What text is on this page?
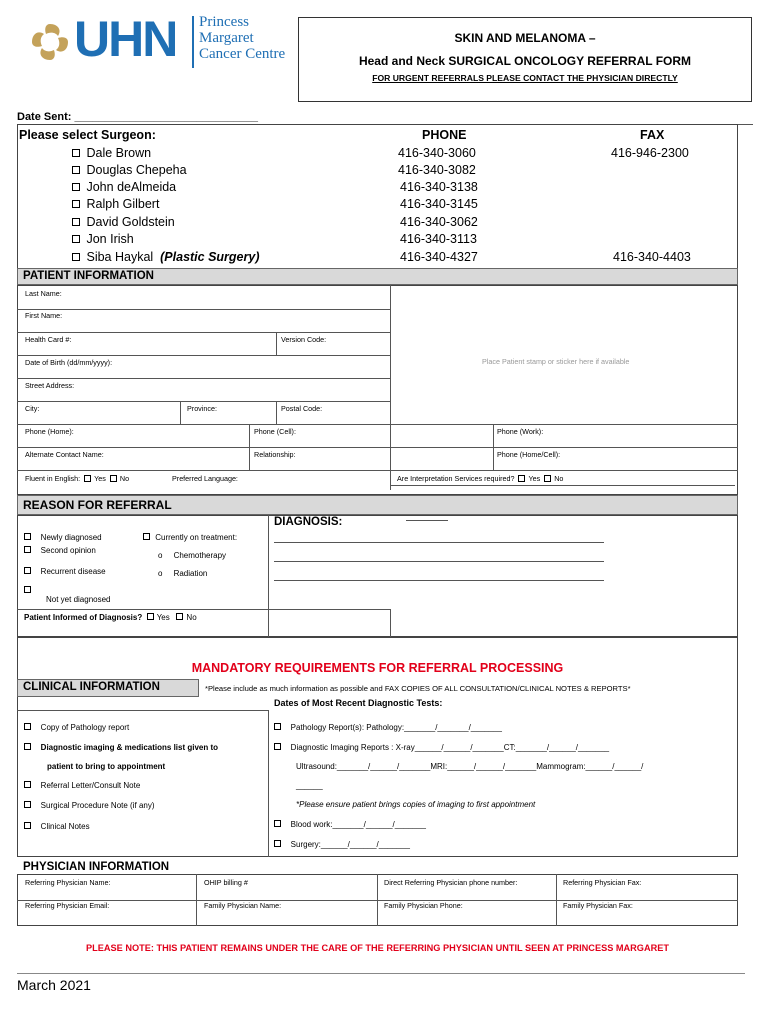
UHN Princess
Margaret
Cancer Centre
SKIN AND MELANOMA –
Head and Neck SURGICAL ONCOLOGY REFERRAL FORM
FOR URGENT REFERRALS PLEASE CONTACT THE PHYSICIAN DIRECTLY
Date Sent: ______________________________
Please select Surgeon:	PHONE	FAX
Dale Brown	416-340-3060	416-946-2300
Douglas Chepeha	416-340-3082
John deAlmeida	416-340-3138
Ralph Gilbert	416-340-3145
David Goldstein	416-340-3062
Jon Irish	416-340-3113
Siba Haykal (Plastic Surgery)	416-340-4327	416-340-4403
PATIENT INFORMATION
Place Patient stamp or sticker here if available
Last Name:
First Name:
Health Card #:	Version Code:
Date of Birth (dd/mm/yyyy):
Street Address:
City:	Province:	Postal Code:
Phone (Home):	Phone (Cell):	Phone (Work):
Alternate Contact Name:	Relationship:	Phone (Home/Cell):
Fluent in English: Yes No	Preferred Language:	Are Interpretation Services required? Yes No
REASON FOR REFERRAL
DIAGNOSIS:
Newly diagnosed
Second opinion
Recurrent disease

Not yet diagnosed
Currently on treatment:
o Chemotherapy
o Radiation
Patient Informed of Diagnosis? Yes No
MANDATORY REQUIREMENTS FOR REFERRAL PROCESSING
CLINICAL INFORMATION	*Please include as much information as possible and FAX COPIES OF ALL CONSULTATION/CLINICAL NOTES & REPORTS*
Dates of Most Recent Diagnostic Tests:
Copy of Pathology report
Diagnostic imaging & medications list given to
patient to bring to appointment
Referral Letter/Consult Note
Surgical Procedure Note (if any)
Clinical Notes
Pathology Report(s): Pathology:_______/_______/_______
Diagnostic Imaging Reports : X-ray______/______/_______CT:_______/______/_______
Ultrasound:_______/______/_______MRI:______/______/_______Mammogram:______/______/
______
*Please ensure patient brings copies of imaging to first appointment
Blood work:_______/______/_______
Surgery:______/______/_______
PHYSICIAN INFORMATION
Referring Physician Name:	OHIP billing #	Direct Referring Physician phone number:	Referring Physician Fax:
Referring Physician Email:	Family Physician Name:	Family Physician Phone:	Family Physician Fax:
PLEASE NOTE: THIS PATIENT REMAINS UNDER THE CARE OF THE REFERRING PHYSICIAN UNTIL SEEN AT PRINCESS MARGARET
March 2021
